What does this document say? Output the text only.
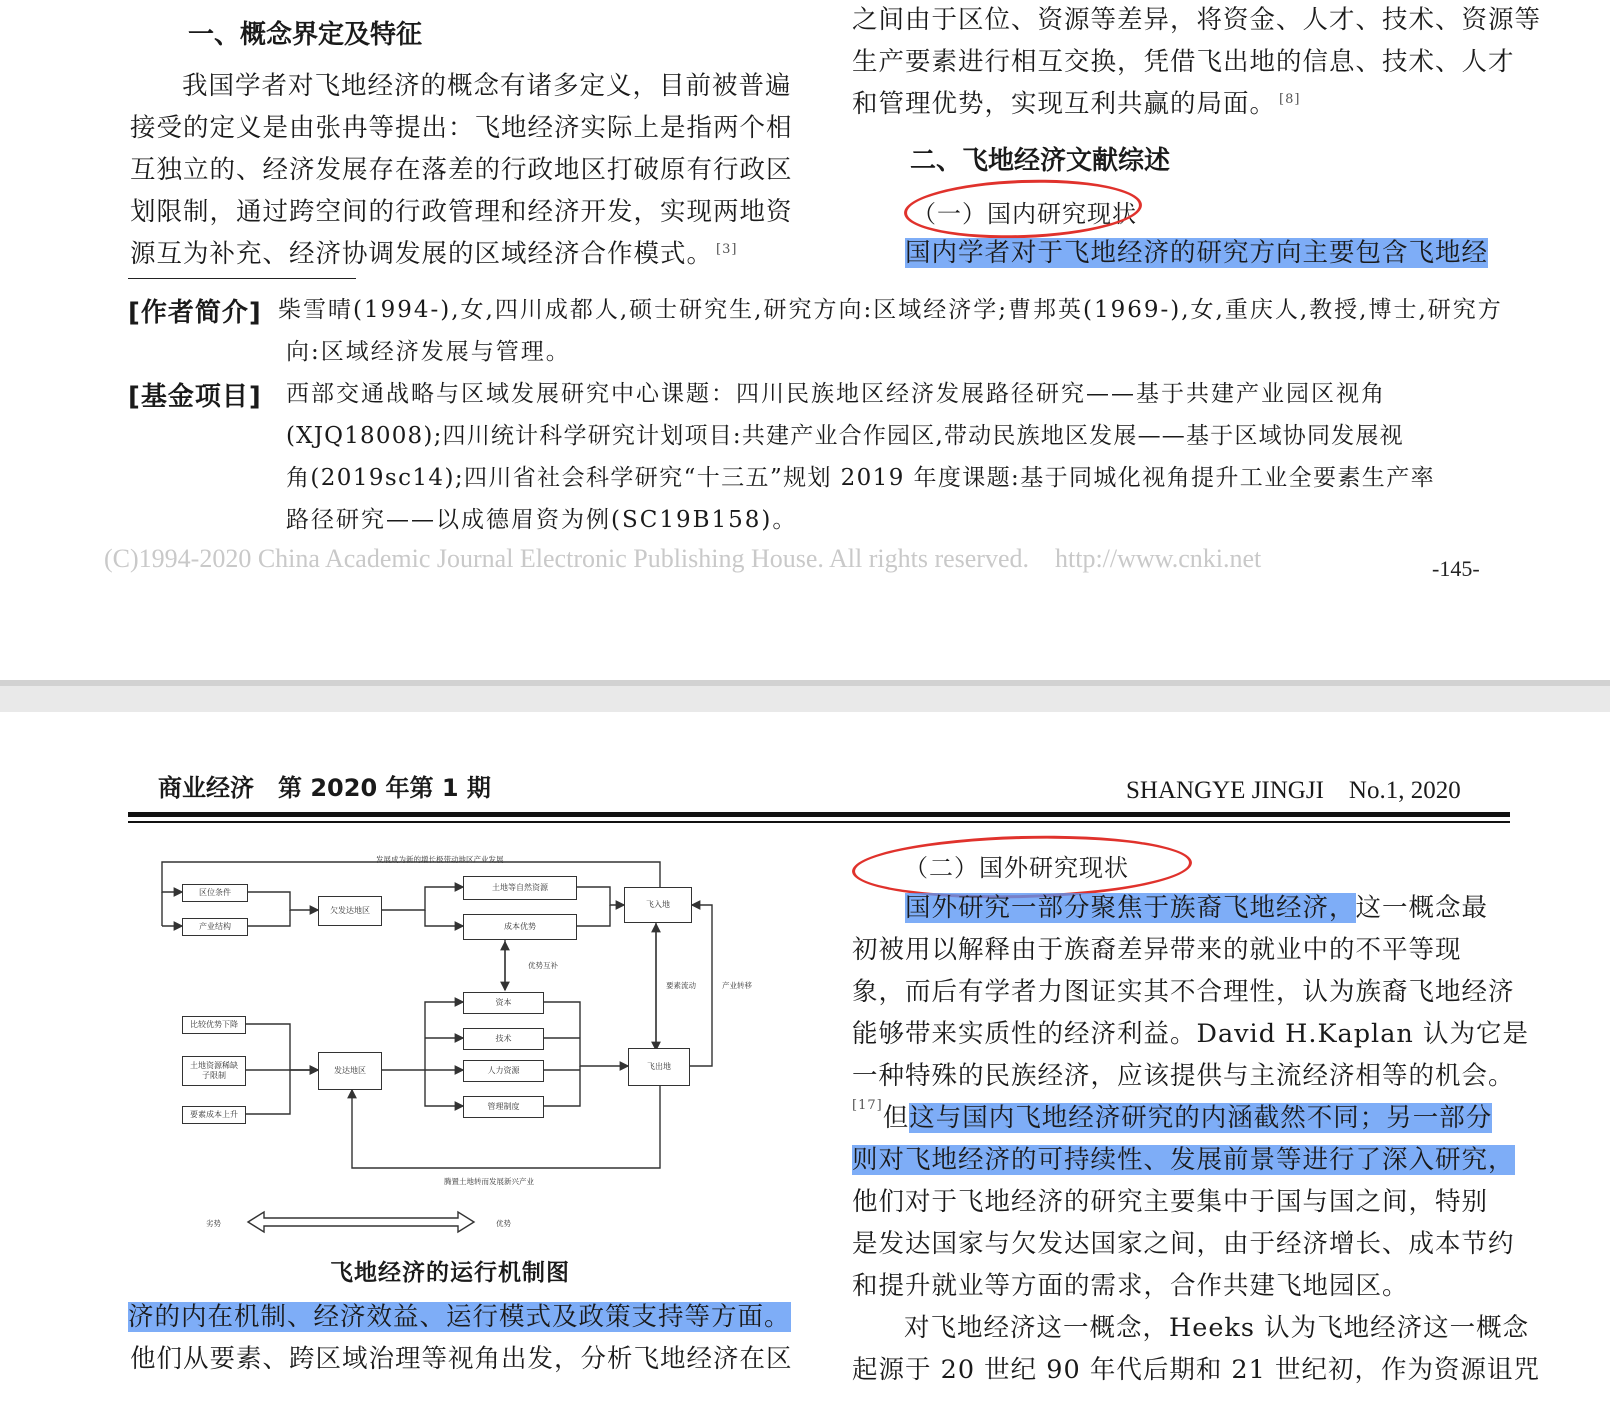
一、概念界定及特征
我国学者对飞地经济的概念有诸多定义，目前被普遍
接受的定义是由张冉等提出：飞地经济实际上是指两个相
互独立的、经济发展存在落差的行政地区打破原有行政区
划限制，通过跨空间的行政管理和经济开发，实现两地资
源互为补充、经济协调发展的区域经济合作模式。 [3]
之间由于区位、资源等差异，将资金、人才、技术、资源等
生产要素进行相互交换，凭借飞出地的信息、技术、人才
和管理优势，实现互利共赢的局面。 [8]
二、飞地经济文献综述
（一）国内研究现状
国内学者对于飞地经济的研究方向主要包含飞地经
[作者简介] 柴雪晴(1994-),女,四川成都人,硕士研究生,研究方向:区域经济学;曹邦英(1969-),女,重庆人,教授,博士,研究方
向:区域经济发展与管理。
[基金项目] 西部交通战略与区域发展研究中心课题：四川民族地区经济发展路径研究——基于共建产业园区视角
(XJQ18008);四川统计科学研究计划项目:共建产业合作园区,带动民族地区发展——基于区域协同发展视
角(2019sc14);四川省社会科学研究“十三五”规划 2019 年度课题:基于同城化视角提升工业全要素生产率
路径研究——以成德眉资为例(SC19B158)。
(C)1994-2020 China Academic Journal Electronic Publishing House. All rights reserved.    http://www.cnki.net	-145-
商业经济　第 2020 年第 1 期	SHANGYE JINGJI　No.1, 2020
发展成为新的增长极带动地区产业发展
区位条件
产业结构
欠发达地区
土地等自然资源
成本优势
飞入地
优势互补
要素流动	产业转移
比较优势下降
土地资源稀缺
子限制
要素成本上升
发达地区
资本
技术
人力资源
管理制度
飞出地
腾置土地转而发展新兴产业
劣势	优势
飞地经济的运行机制图
济的内在机制、经济效益、运行模式及政策支持等方面。
他们从要素、跨区域治理等视角出发，分析飞地经济在区
（二）国外研究现状
国外研究一部分聚焦于族裔飞地经济，这一概念最
初被用以解释由于族裔差异带来的就业中的不平等现
象，而后有学者力图证实其不合理性，认为族裔飞地经济
能够带来实质性的经济利益。David H.Kaplan 认为它是
一种特殊的民族经济，应该提供与主流经济相等的机会。
[17]但这与国内飞地经济研究的内涵截然不同；另一部分
则对飞地经济的可持续性、发展前景等进行了深入研究，
他们对于飞地经济的研究主要集中于国与国之间，特别
是发达国家与欠发达国家之间，由于经济增长、成本节约
和提升就业等方面的需求，合作共建飞地园区。
对飞地经济这一概念，Heeks 认为飞地经济这一概念
起源于 20 世纪 90 年代后期和 21 世纪初，作为资源诅咒
